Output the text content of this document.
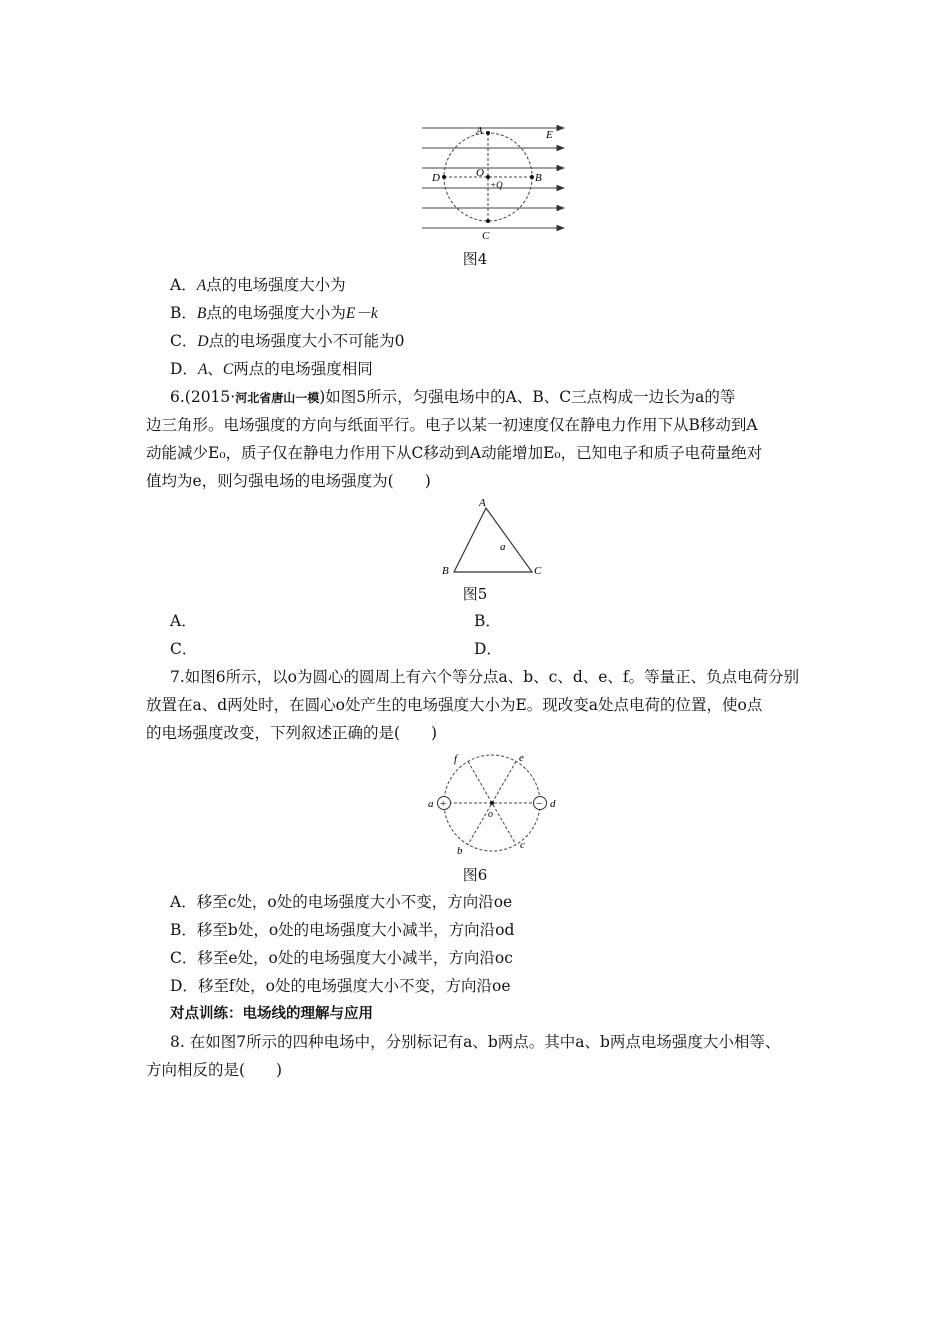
A	E
O
D	B
+Q
C
图4
A．A点的电场强度大小为
B．B点的电场强度大小为E－k
C．D点的电场强度大小不可能为0
D．A、C两点的电场强度相同
6.(2015·河北省唐山一模)如图5所示，匀强电场中的A、B、C三点构成一边长为a的等
边三角形。电场强度的方向与纸面平行。电子以某一初速度仅在静电力作用下从B移动到A
动能减少E₀，质子仅在静电力作用下从C移动到A动能增加E₀，已知电子和质子电荷量绝对
值均为e，则匀强电场的电场强度为(　　)
A
B	C
a
图5
A．	B．
C．	D．
7.如图6所示，以o为圆心的圆周上有六个等分点a、b、c、d、e、f。等量正、负点电荷分别
放置在a、d两处时，在圆心o处产生的电场强度大小为E。现改变a处点电荷的位置，使o点
的电场强度改变，下列叙述正确的是(　　)
+	−
a	d
f	e
b	c
o
图6
A．移至c处，o处的电场强度大小不变，方向沿oe
B．移至b处，o处的电场强度大小减半，方向沿od
C．移至e处，o处的电场强度大小减半，方向沿oc
D．移至f处，o处的电场强度大小不变，方向沿oe
对点训练：电场线的理解与应用
8. 在如图7所示的四种电场中，分别标记有a、b两点。其中a、b两点电场强度大小相等、
方向相反的是(　　)
